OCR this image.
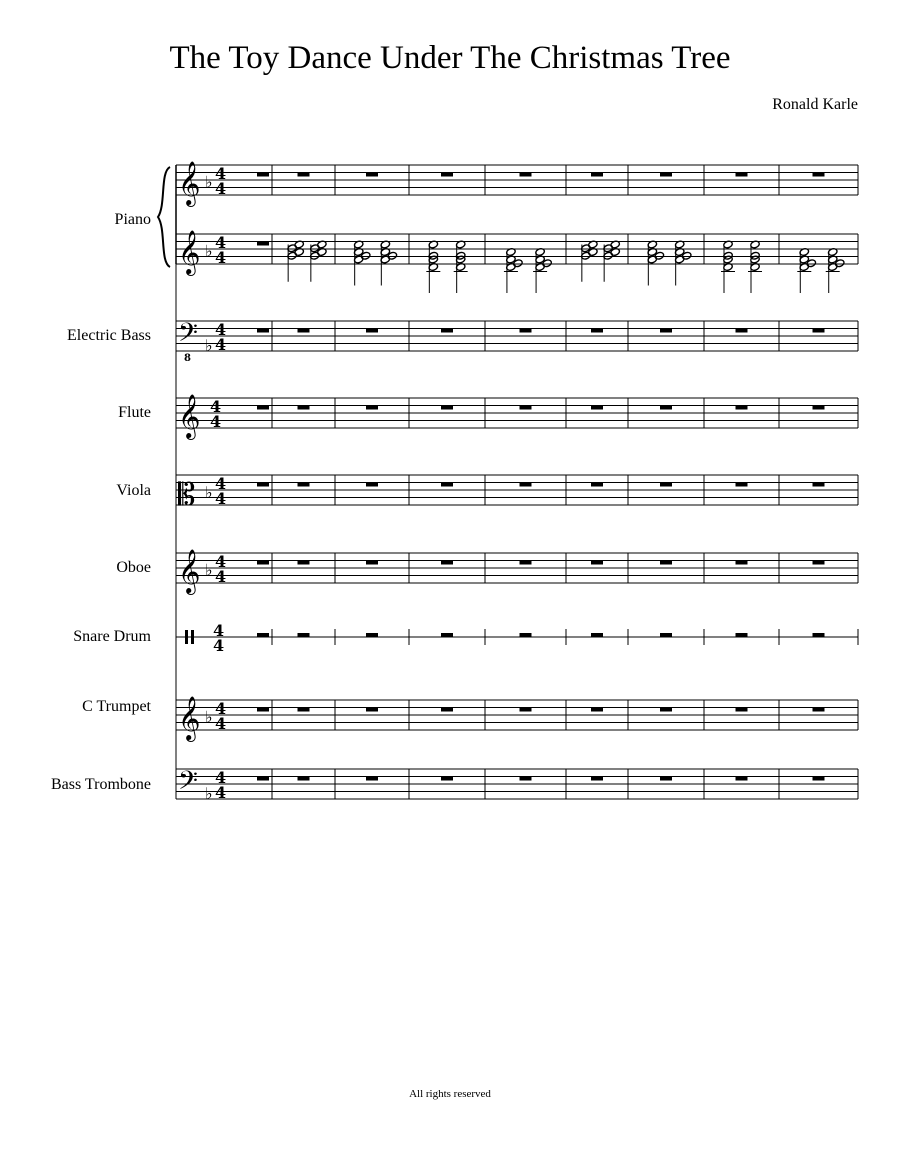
The Toy Dance Under The Christmas Tree
Ronald Karle
Piano
Electric Bass
Flute
Viola
Oboe
Snare Drum
C Trumpet
Bass Trombone
𝄞 ♭ 4
4
𝄞 ♭ 4
4
𝄢
8
♭
4
4
𝄞 4
4
𝄡 ♭ 4
4
𝄞 ♭ 4
4
𝄞 ♭ 4
4
𝄢 ♭
4
4
4
4
All rights reserved
